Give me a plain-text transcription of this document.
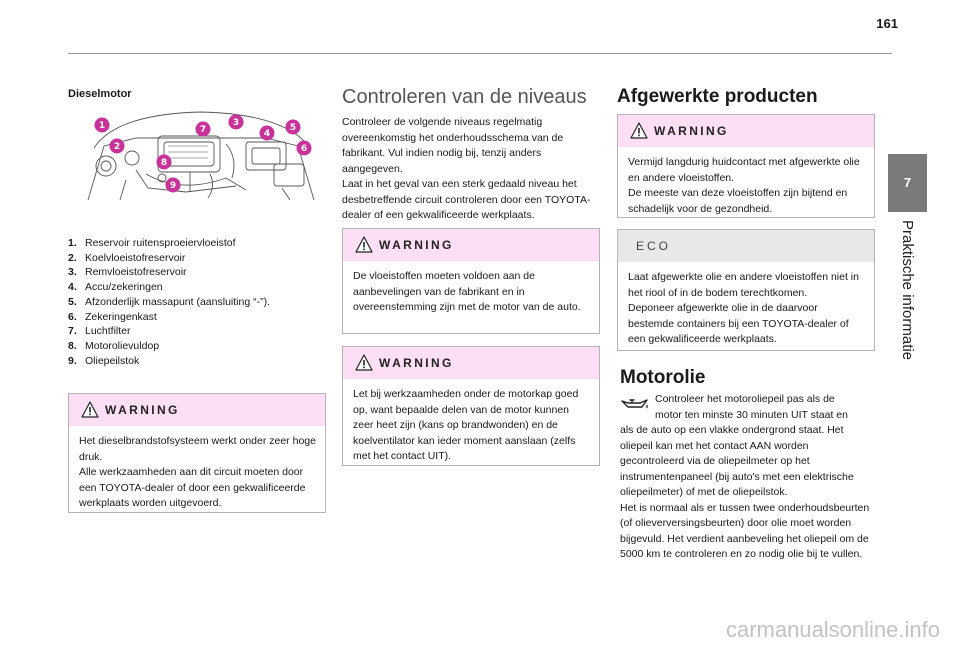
161
7
Praktische informatie
Dieselmotor
1
2
3
4
5
6
7
8
9
1. Reservoir ruitensproeiervloeistof
2. Koelvloeistofreservoir
3. Remvloeistofreservoir
4. Accu/zekeringen
5. Afzonderlijk massapunt (aansluiting “-”).
6. Zekeringenkast
7. Luchtfilter
8. Motorolievuldop
9. Oliepeilstok
WARNING
Het dieselbrandstofsysteem werkt onder zeer hoge druk.
Alle werkzaamheden aan dit circuit moeten door een TOYOTA-dealer of door een gekwalificeerde werkplaats worden uitgevoerd.
Controleren van de niveaus
Controleer de volgende niveaus regelmatig overeenkomstig het onderhoudsschema van de fabrikant. Vul indien nodig bij, tenzij anders aangegeven.
Laat in het geval van een sterk gedaald niveau het desbetreffende circuit controleren door een TOYOTA-dealer of een gekwalificeerde werkplaats.
WARNING
De vloeistoffen moeten voldoen aan de aanbevelingen van de fabrikant en in overeenstemming zijn met de motor van de auto.
WARNING
Let bij werkzaamheden onder de motorkap goed op, want bepaalde delen van de motor kunnen zeer heet zijn (kans op brandwonden) en de koelventilator kan ieder moment aanslaan (zelfs met het contact UIT).
Afgewerkte producten
WARNING
Vermijd langdurig huidcontact met afgewerkte olie en andere vloeistoffen.
De meeste van deze vloeistoffen zijn bijtend en schadelijk voor de gezondheid.
ECO
Laat afgewerkte olie en andere vloeistoffen niet in het riool of in de bodem terechtkomen.
Deponeer afgewerkte olie in de daarvoor bestemde containers bij een TOYOTA-dealer of een gekwalificeerde werkplaats.
Motorolie
Controleer het motoroliepeil pas als de
motor ten minste 30 minuten UIT staat en
als de auto op een vlakke ondergrond staat. Het oliepeil kan met het contact AAN worden gecontroleerd via de oliepeilmeter op het instrumentenpaneel (bij auto's met een elektrische oliepeilmeter) of met de oliepeilstok.
Het is normaal als er tussen twee onderhoudsbeurten (of olieverversingsbeurten) door olie moet worden bijgevuld. Het verdient aanbeveling het oliepeil om de 5000 km te controleren en zo nodig olie bij te vullen.
carmanualsonline.info
